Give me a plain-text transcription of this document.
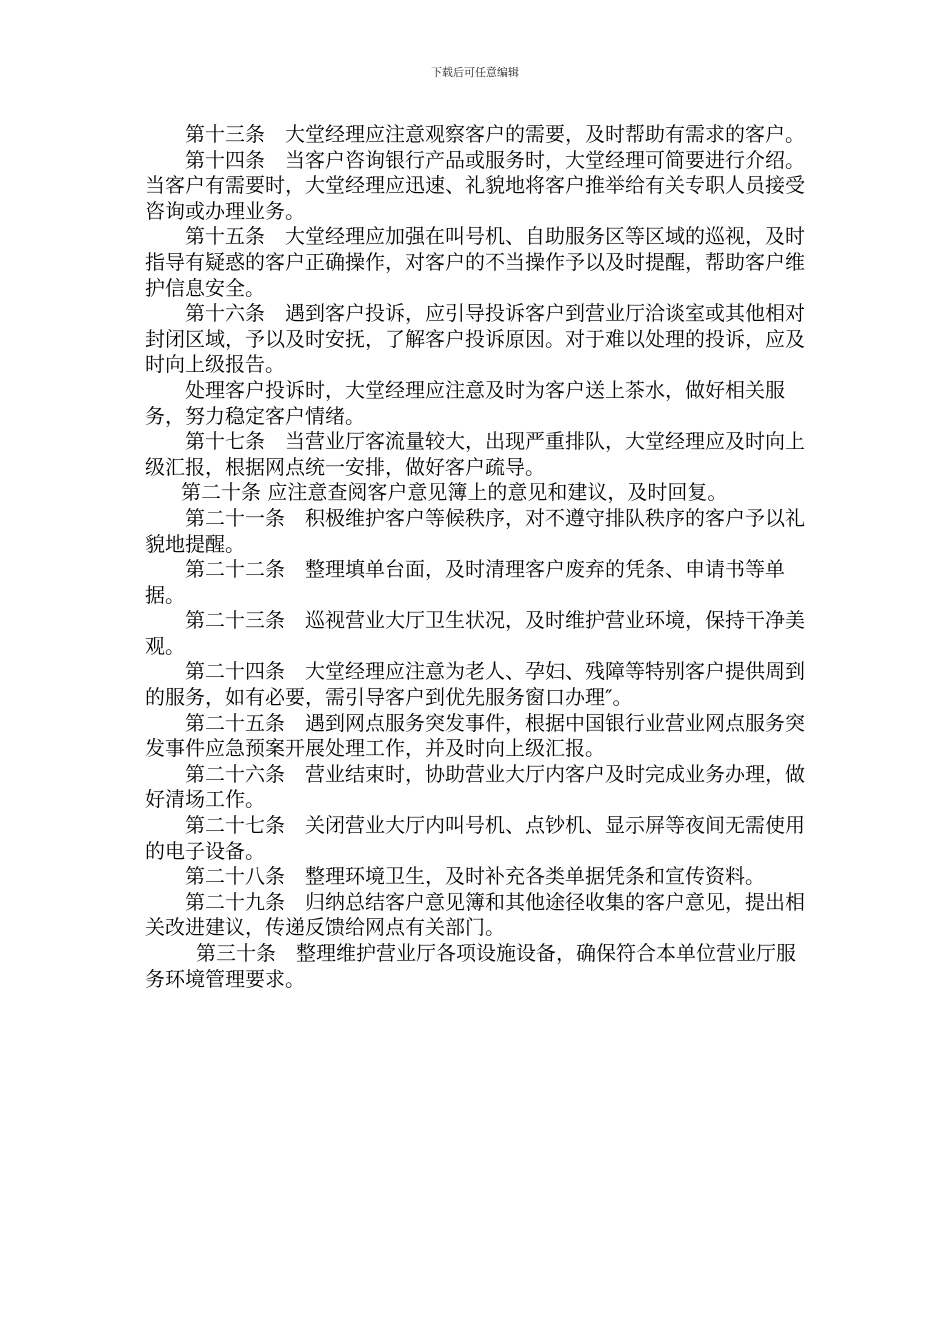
下载后可任意编辑

第十三条　大堂经理应注意观察客户的需要，及时帮助有需求的客户。

第十四条　当客户咨询银行产品或服务时，大堂经理可简要进行介绍。当客户有需要时，大堂经理应迅速、礼貌地将客户推举给有关专职人员接受咨询或办理业务。

第十五条　大堂经理应加强在叫号机、自助服务区等区域的巡视，及时指导有疑惑的客户正确操作，对客户的不当操作予以及时提醒，帮助客户维护信息安全。

第十六条　遇到客户投诉，应引导投诉客户到营业厅洽谈室或其他相对封闭区域，予以及时安抚，了解客户投诉原因。对于难以处理的投诉，应及时向上级报告。

处理客户投诉时，大堂经理应注意及时为客户送上茶水，做好相关服务，努力稳定客户情绪。

第十七条　当营业厅客流量较大，出现严重排队，大堂经理应及时向上级汇报，根据网点统一安排，做好客户疏导。

第二十条 应注意查阅客户意见簿上的意见和建议，及时回复。

第二十一条　积极维护客户等候秩序，对不遵守排队秩序的客户予以礼貌地提醒。

第二十二条　整理填单台面，及时清理客户废弃的凭条、申请书等单据。

第二十三条　巡视营业大厅卫生状况，及时维护营业环境，保持干净美观。

第二十四条　大堂经理应注意为老人、孕妇、残障等特别客户提供周到的服务，如有必要，需引导客户到优先服务窗口办理″。

第二十五条　遇到网点服务突发事件，根据中国银行业营业网点服务突发事件应急预案开展处理工作，并及时向上级汇报。

第二十六条　营业结束时，协助营业大厅内客户及时完成业务办理，做好清场工作。

第二十七条　关闭营业大厅内叫号机、点钞机、显示屏等夜间无需使用的电子设备。

第二十八条　整理环境卫生，及时补充各类单据凭条和宣传资料。

第二十九条　归纳总结客户意见簿和其他途径收集的客户意见，提出相关改进建议，传递反馈给网点有关部门。

第三十条　整理维护营业厅各项设施设备，确保符合本单位营业厅服务环境管理要求。
